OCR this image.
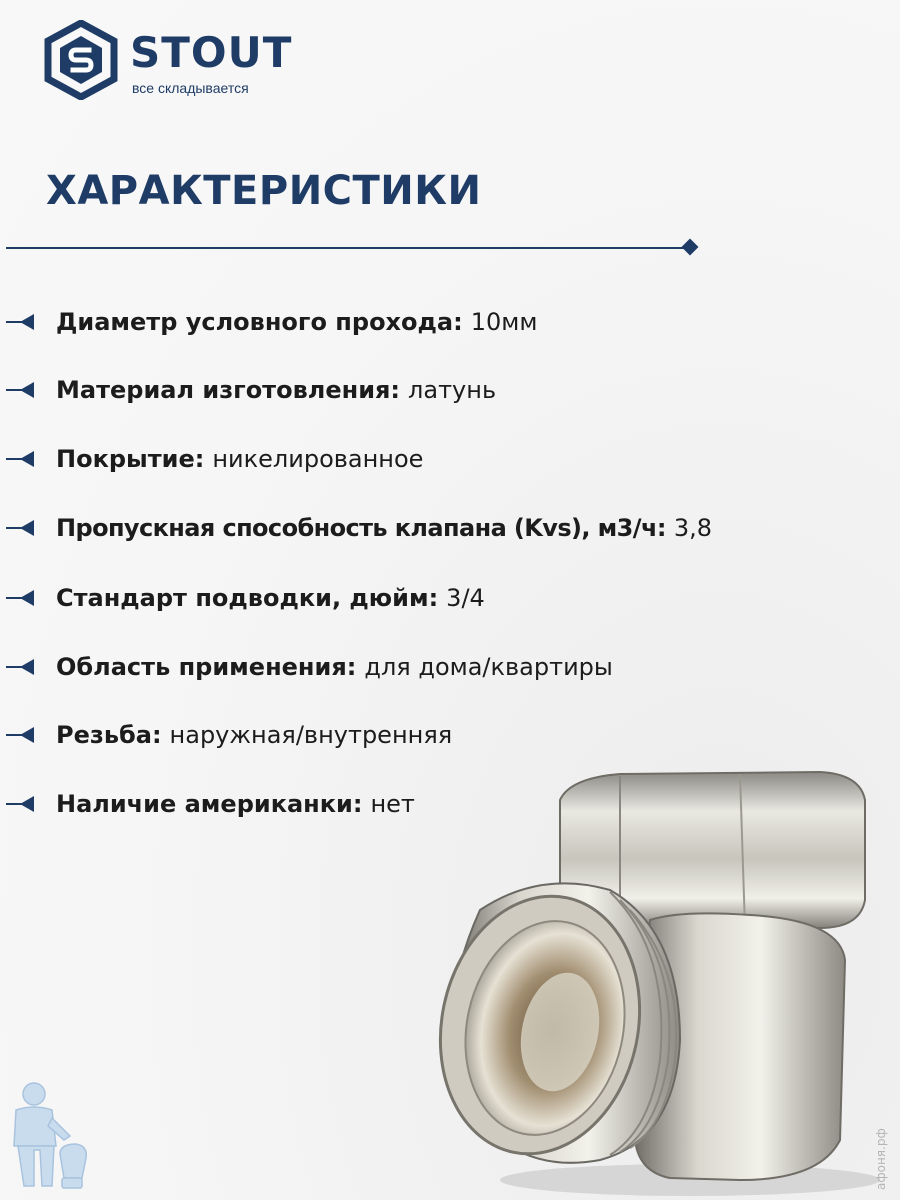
STOUT
все складывается
ХАРАКТЕРИСТИКИ
Диаметр условного прохода: 10мм
Материал изготовления: латунь
Покрытие: никелированное
Пропускная способность клапана (Kvs), м3/ч: 3,8
Стандарт подводки, дюйм: 3/4
Область применения: для дома/квартиры
Резьба: наружная/внутренняя
Наличие американки: нет
афоня.рф
